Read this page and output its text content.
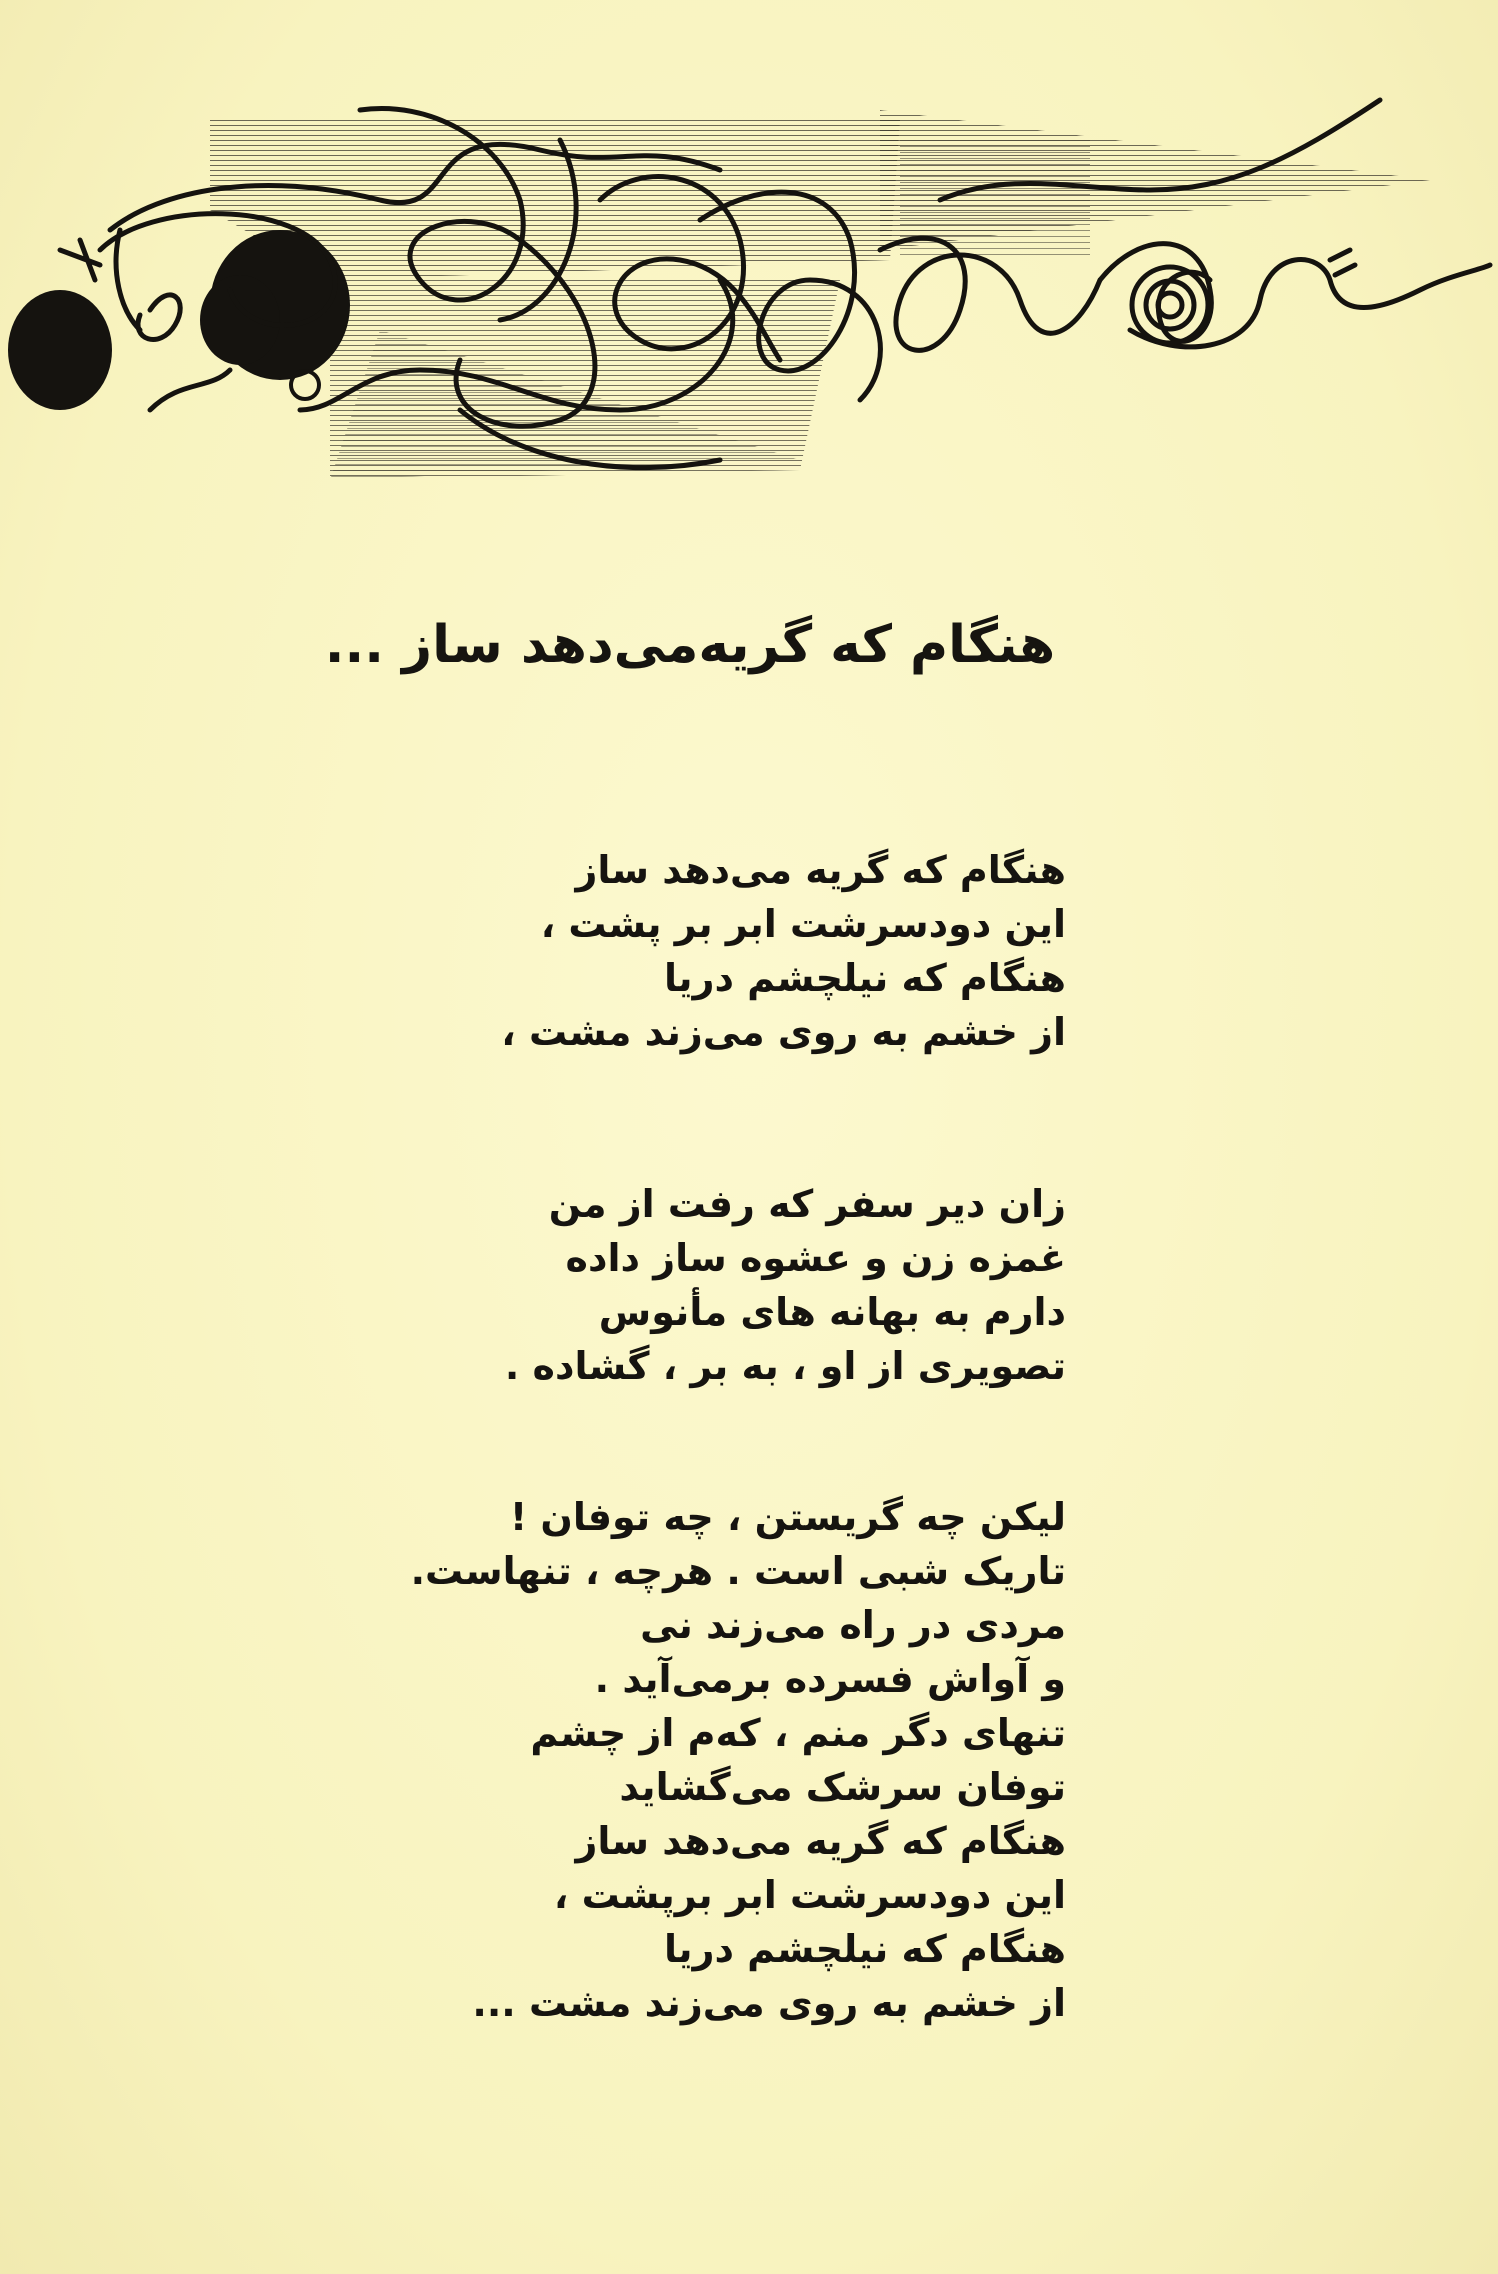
هنگام که گریه‌می‌دهد ساز ...
هنگام که گریه می‌دهد ساز
این دودسرشت ابر بر پشت ،
هنگام که نیلچشم دریا
از خشم به روی می‌زند مشت ،
زان دیر سفر که رفت از من
غمزه زن و عشوه ساز داده
دارم به بهانه های مأنوس
تصویری از او ، به بر ، گشاده .
لیکن چه گریستن ، چه توفان !
تاریک شبی است . هرچه ، تنهاست.
مردی در راه می‌زند نی
و آواش فسرده برمی‌آید .
تنهای دگر منم ، که‌م از چشم
توفان سرشک می‌گشاید
هنگام که گریه می‌دهد ساز
این دودسرشت ابر برپشت ،
هنگام که نیلچشم دریا
از خشم به روی می‌زند مشت ...
